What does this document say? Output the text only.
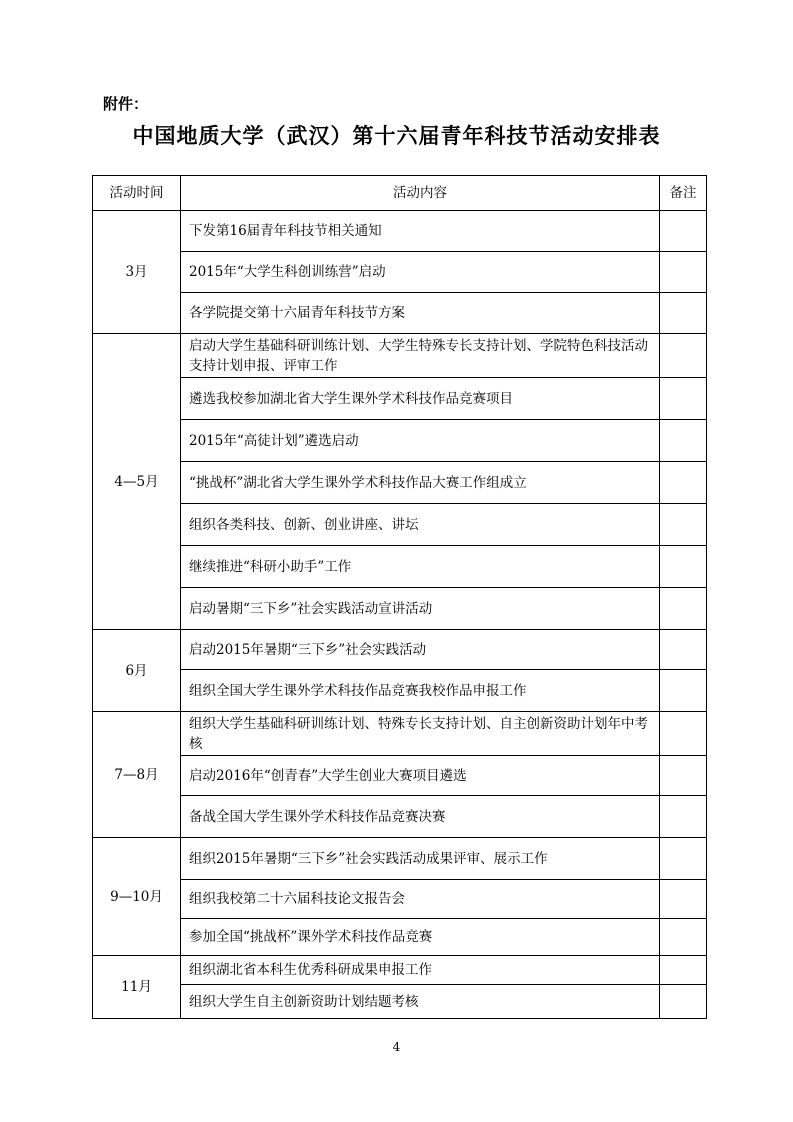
附件：
中国地质大学（武汉）第十六届青年科技节活动安排表
活动时间	活动内容	备注
3月	下发第16届青年科技节相关通知	
	2015年“大学生科创训练营”启动	
	各学院提交第十六届青年科技节方案	
4—5月	启动大学生基础科研训练计划、大学生特殊专长支持计划、学院特色科技活动支持计划申报、评审工作	
	遴选我校参加湖北省大学生课外学术科技作品竞赛项目	
	2015年“高徒计划”遴选启动	
	“挑战杯”湖北省大学生课外学术科技作品大赛工作组成立	
	组织各类科技、创新、创业讲座、讲坛	
	继续推进“科研小助手”工作	
	启动暑期“三下乡”社会实践活动宣讲活动	
6月	启动2015年暑期“三下乡”社会实践活动	
	组织全国大学生课外学术科技作品竞赛我校作品申报工作	
7—8月	组织大学生基础科研训练计划、特殊专长支持计划、自主创新资助计划年中考核	
	启动2016年“创青春”大学生创业大赛项目遴选	
	备战全国大学生课外学术科技作品竞赛决赛	
9—10月	组织2015年暑期“三下乡”社会实践活动成果评审、展示工作	
	组织我校第二十六届科技论文报告会	
	参加全国“挑战杯”课外学术科技作品竞赛	
11月	组织湖北省本科生优秀科研成果申报工作	
	组织大学生自主创新资助计划结题考核	
4
